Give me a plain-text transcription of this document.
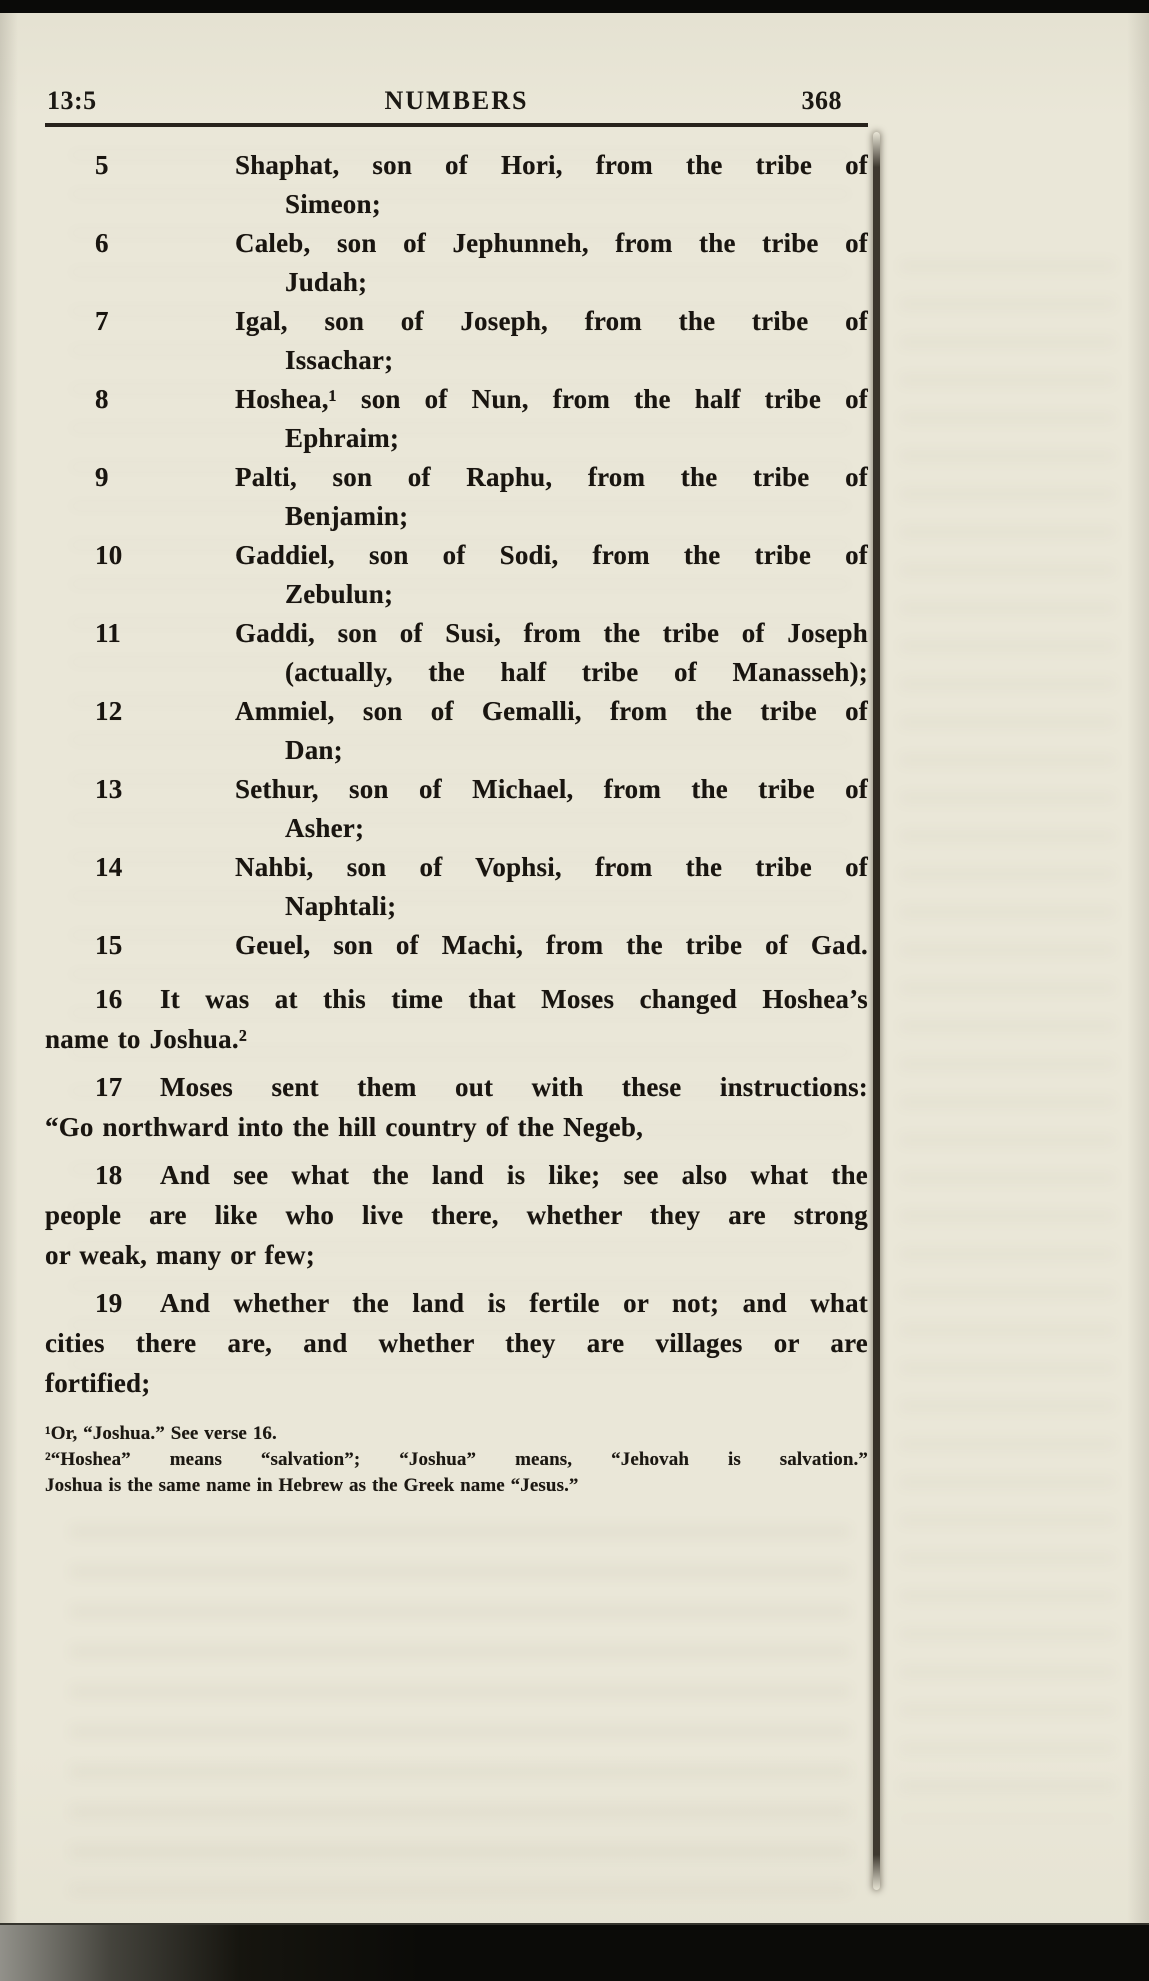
13:5	NUMBERS	368
5	Shaphat, son of Hori, from the tribe of
Simeon;
6	Caleb, son of Jephunneh, from the tribe of
Judah;
7	Igal, son of Joseph, from the tribe of
Issachar;
8	Hoshea,¹ son of Nun, from the half tribe of
Ephraim;
9	Palti, son of Raphu, from the tribe of
Benjamin;
10	Gaddiel, son of Sodi, from the tribe of
Zebulun;
11	Gaddi, son of Susi, from the tribe of Joseph
(actually, the half tribe of Manasseh);
12	Ammiel, son of Gemalli, from the tribe of
Dan;
13	Sethur, son of Michael, from the tribe of
Asher;
14	Nahbi, son of Vophsi, from the tribe of
Naphtali;
15	Geuel, son of Machi, from the tribe of Gad.
16 It was at this time that Moses changed Hoshea’s
name to Joshua.²
17 Moses sent them out with these instructions:
“Go northward into the hill country of the Negeb,
18 And see what the land is like; see also what the
people are like who live there, whether they are strong
or weak, many or few;
19 And whether the land is fertile or not; and what
cities there are, and whether they are villages or are
fortified;
¹Or, “Joshua.” See verse 16.
²“Hoshea” means “salvation”; “Joshua” means, “Jehovah is salvation.”
Joshua is the same name in Hebrew as the Greek name “Jesus.”
